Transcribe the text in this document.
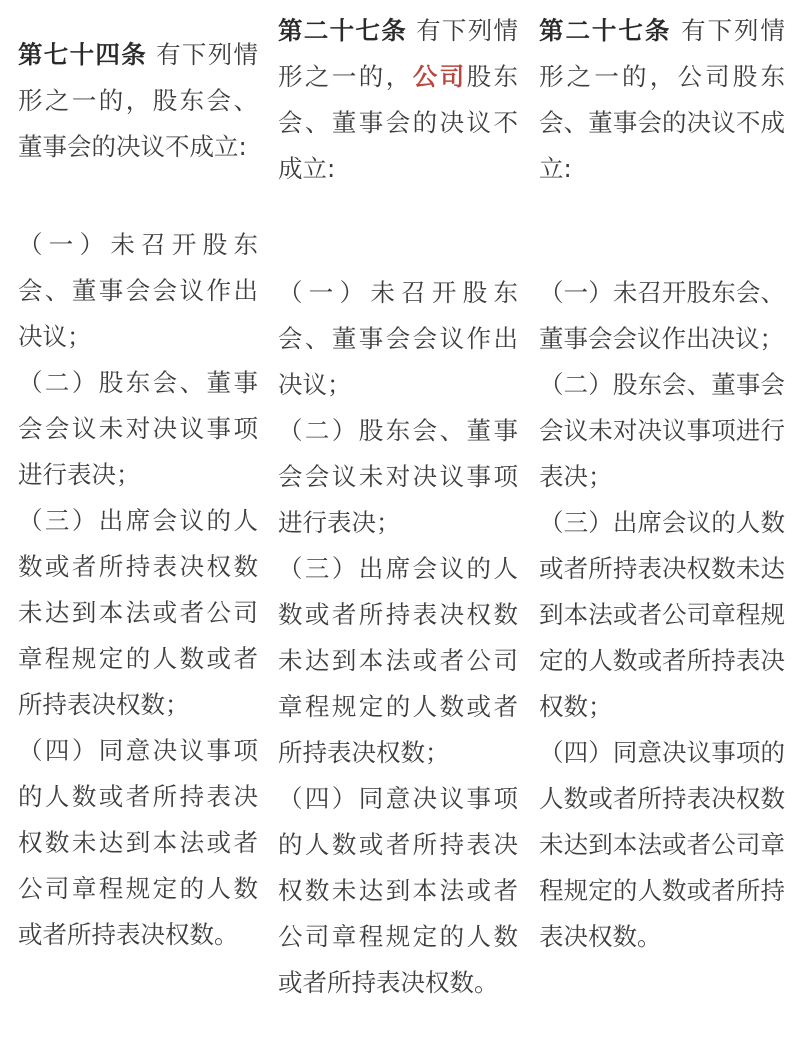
第七十四条 有下列情形之一的，股东会、董事会的决议不成立:

（一）未召开股东会、董事会会议作出决议；

（二）股东会、董事会会议未对决议事项进行表决；

（三）出席会议的人数或者所持表决权数未达到本法或者公司章程规定的人数或者所持表决权数；

（四）同意决议事项的人数或者所持表决权数未达到本法或者公司章程规定的人数或者所持表决权数。

第二十七条 有下列情形之一的，公司股东会、董事会的决议不成立:

（一）未召开股东会、董事会会议作出决议；

（二）股东会、董事会会议未对决议事项进行表决；

（三）出席会议的人数或者所持表决权数未达到本法或者公司章程规定的人数或者所持表决权数；

（四）同意决议事项的人数或者所持表决权数未达到本法或者公司章程规定的人数或者所持表决权数。

第二十七条 有下列情形之一的，公司股东会、董事会的决议不成立:

（一）未召开股东会、董事会会议作出决议；

（二）股东会、董事会会议未对决议事项进行表决；

（三）出席会议的人数或者所持表决权数未达到本法或者公司章程规定的人数或者所持表决权数；

（四）同意决议事项的人数或者所持表决权数未达到本法或者公司章程规定的人数或者所持表决权数。
